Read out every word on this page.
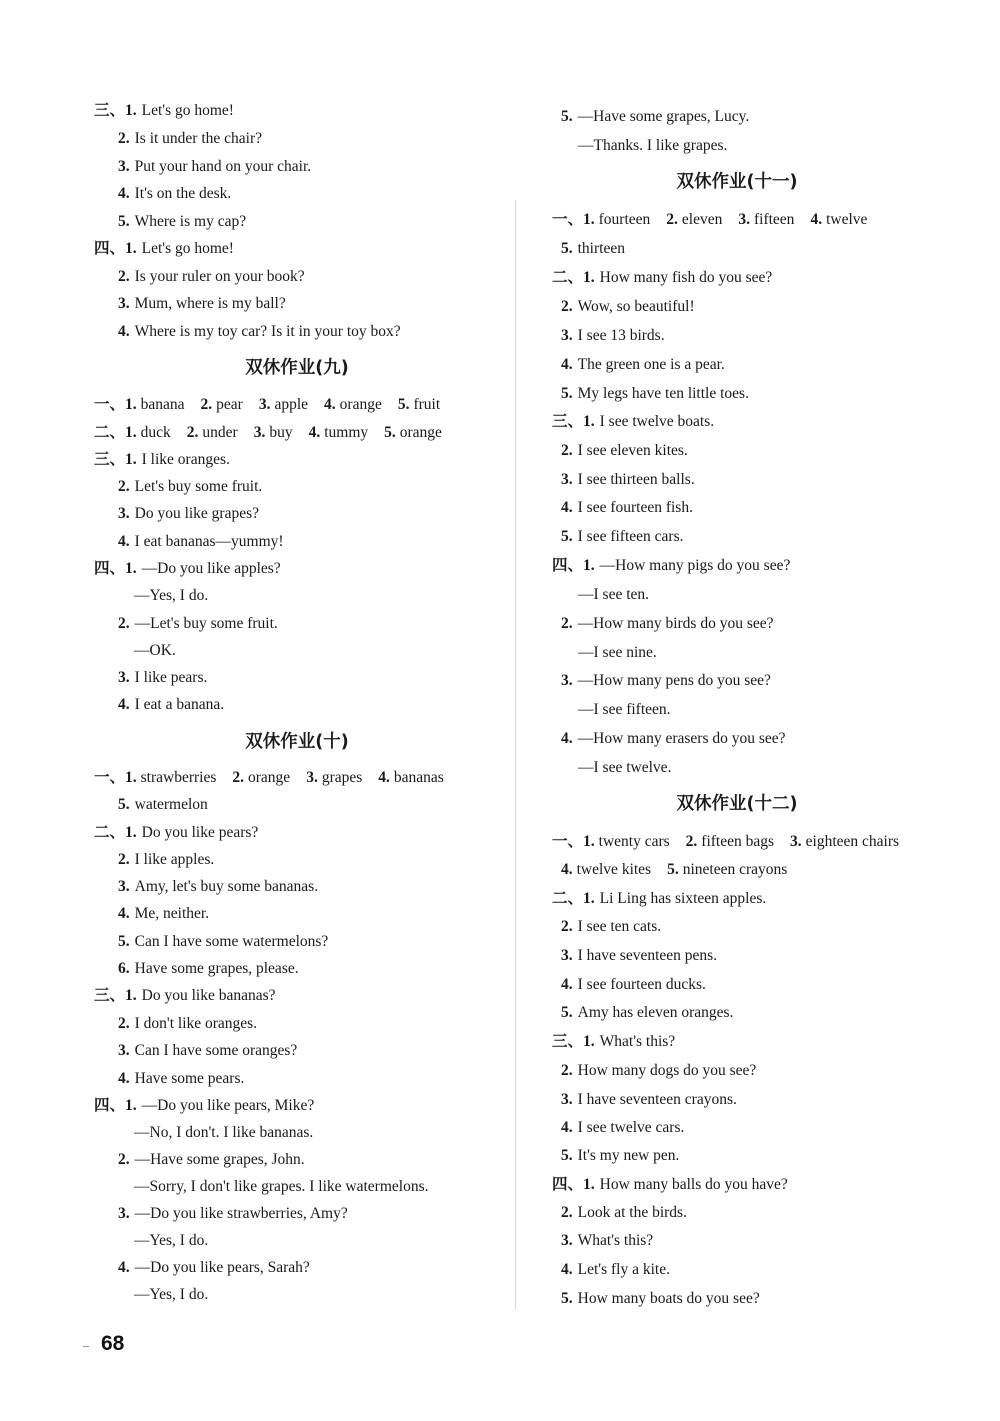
三、1. Let's go home!
2. Is it under the chair?
3. Put your hand on your chair.
4. It's on the desk.
5. Where is my cap?
四、1. Let's go home!
2. Is your ruler on your book?
3. Mum, where is my ball?
4. Where is my toy car? Is it in your toy box?
双休作业(九)
一、1. banana 2. pear 3. apple 4. orange 5. fruit
二、1. duck 2. under 3. buy 4. tummy 5. orange
三、1. I like oranges.
2. Let's buy some fruit.
3. Do you like grapes?
4. I eat bananas—yummy!
四、1. —Do you like apples?
—Yes, I do.
2. —Let's buy some fruit.
—OK.
3. I like pears.
4. I eat a banana.
双休作业(十)
一、1. strawberries 2. orange 3. grapes 4. bananas
5. watermelon
二、1. Do you like pears?
2. I like apples.
3. Amy, let's buy some bananas.
4. Me, neither.
5. Can I have some watermelons?
6. Have some grapes, please.
三、1. Do you like bananas?
2. I don't like oranges.
3. Can I have some oranges?
4. Have some pears.
四、1. —Do you like pears, Mike?
—No, I don't. I like bananas.
2. —Have some grapes, John.
—Sorry, I don't like grapes. I like watermelons.
3. —Do you like strawberries, Amy?
—Yes, I do.
4. —Do you like pears, Sarah?
—Yes, I do.
5. —Have some grapes, Lucy.
—Thanks. I like grapes.
双休作业(十一)
一、1. fourteen 2. eleven 3. fifteen 4. twelve
5. thirteen
二、1. How many fish do you see?
2. Wow, so beautiful!
3. I see 13 birds.
4. The green one is a pear.
5. My legs have ten little toes.
三、1. I see twelve boats.
2. I see eleven kites.
3. I see thirteen balls.
4. I see fourteen fish.
5. I see fifteen cars.
四、1. —How many pigs do you see?
—I see ten.
2. —How many birds do you see?
—I see nine.
3. —How many pens do you see?
—I see fifteen.
4. —How many erasers do you see?
—I see twelve.
双休作业(十二)
一、1. twenty cars 2. fifteen bags 3. eighteen chairs
4. twelve kites 5. nineteen crayons
二、1. Li Ling has sixteen apples.
2. I see ten cats.
3. I have seventeen pens.
4. I see fourteen ducks.
5. Amy has eleven oranges.
三、1. What's this?
2. How many dogs do you see?
3. I have seventeen crayons.
4. I see twelve cars.
5. It's my new pen.
四、1. How many balls do you have?
2. Look at the birds.
3. What's this?
4. Let's fly a kite.
5. How many boats do you see?
68
